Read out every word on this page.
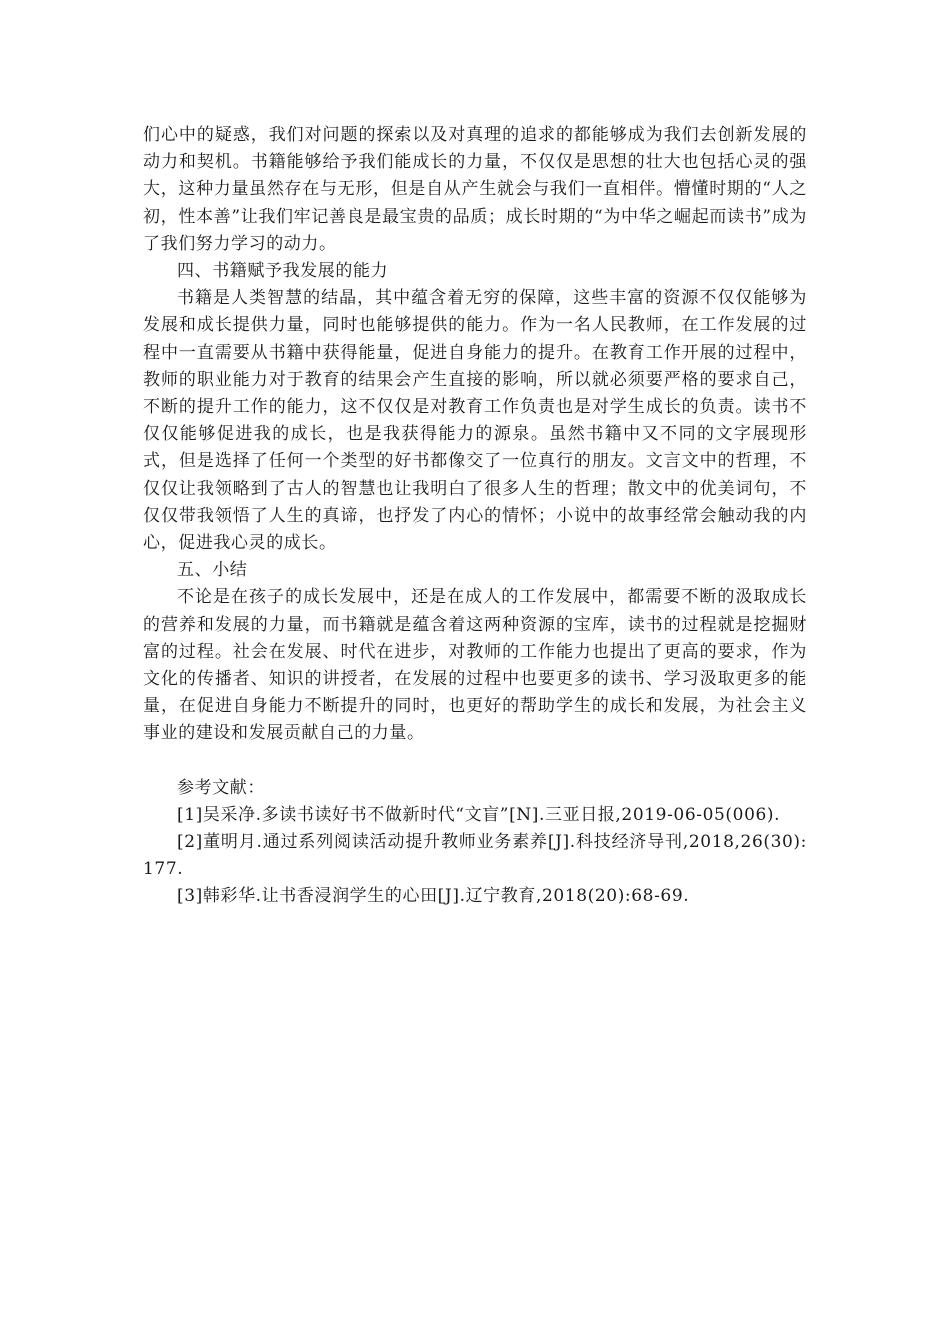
们心中的疑惑，我们对问题的探索以及对真理的追求的都能够成为我们去创新发展的动力和契机。书籍能够给予我们能成长的力量，不仅仅是思想的壮大也包括心灵的强大，这种力量虽然存在与无形，但是自从产生就会与我们一直相伴。懵懂时期的“人之初，性本善”让我们牢记善良是最宝贵的品质；成长时期的“为中华之崛起而读书”成为了我们努力学习的动力。

四、书籍赋予我发展的能力

书籍是人类智慧的结晶，其中蕴含着无穷的保障，这些丰富的资源不仅仅能够为发展和成长提供力量，同时也能够提供的能力。作为一名人民教师，在工作发展的过程中一直需要从书籍中获得能量，促进自身能力的提升。在教育工作开展的过程中，教师的职业能力对于教育的结果会产生直接的影响，所以就必须要严格的要求自己，不断的提升工作的能力，这不仅仅是对教育工作负责也是对学生成长的负责。读书不仅仅能够促进我的成长，也是我获得能力的源泉。虽然书籍中又不同的文字展现形式，但是选择了任何一个类型的好书都像交了一位真行的朋友。文言文中的哲理，不仅仅让我领略到了古人的智慧也让我明白了很多人生的哲理；散文中的优美词句，不仅仅带我领悟了人生的真谛，也抒发了内心的情怀；小说中的故事经常会触动我的内心，促进我心灵的成长。

五、小结

不论是在孩子的成长发展中，还是在成人的工作发展中，都需要不断的汲取成长的营养和发展的力量，而书籍就是蕴含着这两种资源的宝库，读书的过程就是挖掘财富的过程。社会在发展、时代在进步，对教师的工作能力也提出了更高的要求，作为文化的传播者、知识的讲授者，在发展的过程中也要更多的读书、学习汲取更多的能量，在促进自身能力不断提升的同时，也更好的帮助学生的成长和发展，为社会主义事业的建设和发展贡献自己的力量。

参考文献：

[1]吴采净.多读书读好书不做新时代“文盲”[N].三亚日报,2019-06-05(006).

[2]董明月.通过系列阅读活动提升教师业务素养[J].科技经济导刊,2018,26(30):177.

[3]韩彩华.让书香浸润学生的心田[J].辽宁教育,2018(20):68-69.
